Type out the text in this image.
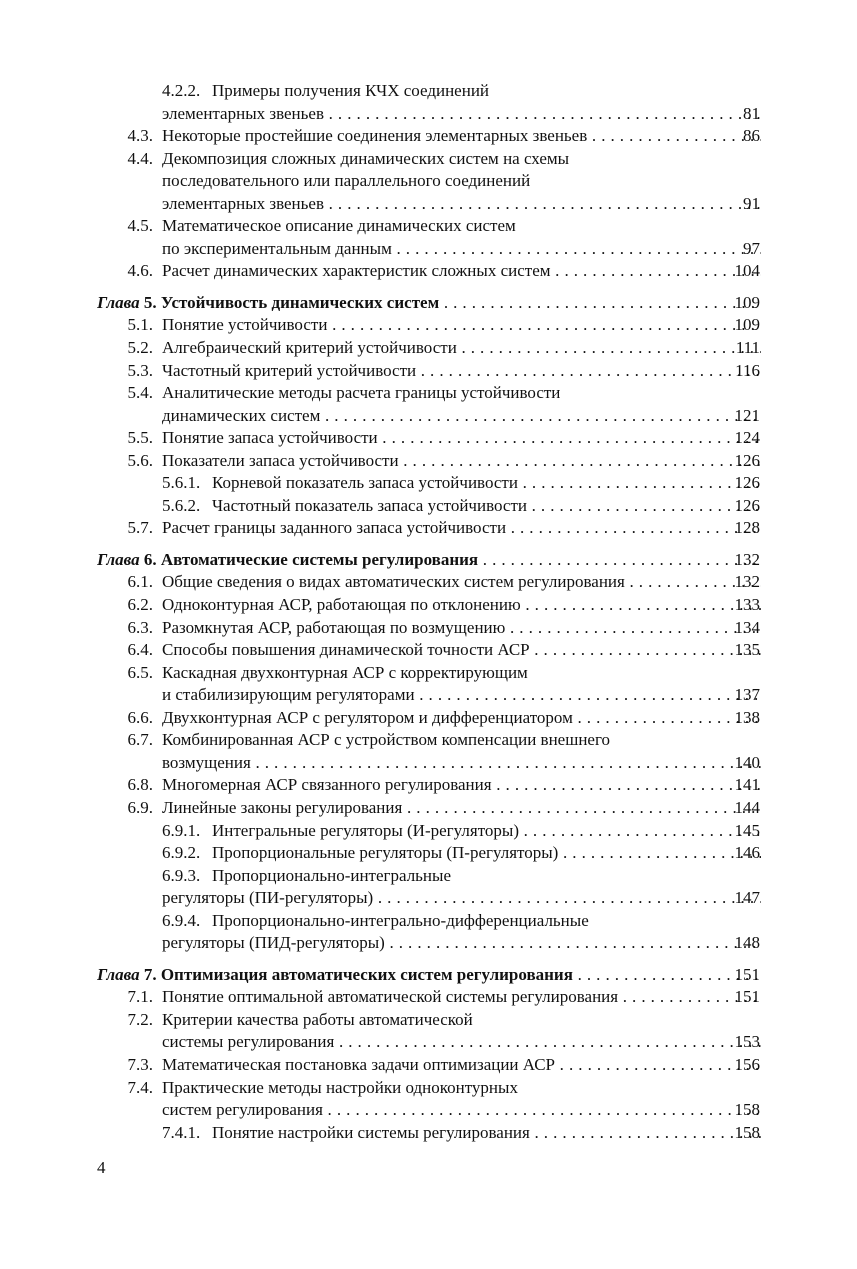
4.2.2. Примеры получения КЧХ соединений
элементарных звеньев . . .	81
4.3. Некоторые простейшие соединения элементарных звеньев . . .	86
4.4. Декомпозиция сложных динамических систем на схемы
последовательного или параллельного соединений
элементарных звеньев . . .	91
4.5. Математическое описание динамических систем
по экспериментальным данным . . .	97
4.6. Расчет динамических характеристик сложных систем . . .	104
Глава 5. Устойчивость динамических систем . . .	109
5.1. Понятие устойчивости . . .	109
5.2. Алгебраический критерий устойчивости . . .	111
5.3. Частотный критерий устойчивости . . .	116
5.4. Аналитические методы расчета границы устойчивости
динамических систем . . .	121
5.5. Понятие запаса устойчивости . . .	124
5.6. Показатели запаса устойчивости . . .	126
5.6.1. Корневой показатель запаса устойчивости . . .	126
5.6.2. Частотный показатель запаса устойчивости . . .	126
5.7. Расчет границы заданного запаса устойчивости . . .	128
Глава 6. Автоматические системы регулирования . . .	132
6.1. Общие сведения о видах автоматических систем регулирования . . .	132
6.2. Одноконтурная АСР, работающая по отклонению . . .	133
6.3. Разомкнутая АСР, работающая по возмущению . . .	134
6.4. Способы повышения динамической точности АСР . . .	135
6.5. Каскадная двухконтурная АСР с корректирующим
и стабилизирующим регуляторами . . .	137
6.6. Двухконтурная АСР с регулятором и дифференциатором . . .	138
6.7. Комбинированная АСР с устройством компенсации внешнего
возмущения . . .	140
6.8. Многомерная АСР связанного регулирования . . .	141
6.9. Линейные законы регулирования . . .	144
6.9.1. Интегральные регуляторы (И-регуляторы) . . .	145
6.9.2. Пропорциональные регуляторы (П-регуляторы) . . .	146
6.9.3. Пропорционально-интегральные
регуляторы (ПИ-регуляторы) . . .	147
6.9.4. Пропорционально-интегрально-дифференциальные
регуляторы (ПИД-регуляторы) . . .	148
Глава 7. Оптимизация автоматических систем регулирования . . .	151
7.1. Понятие оптимальной автоматической системы регулирования . . .	151
7.2. Критерии качества работы автоматической
системы регулирования . . .	153
7.3. Математическая постановка задачи оптимизации АСР . . .	156
7.4. Практические методы настройки одноконтурных
систем регулирования . . .	158
7.4.1. Понятие настройки системы регулирования . . .	158
4
